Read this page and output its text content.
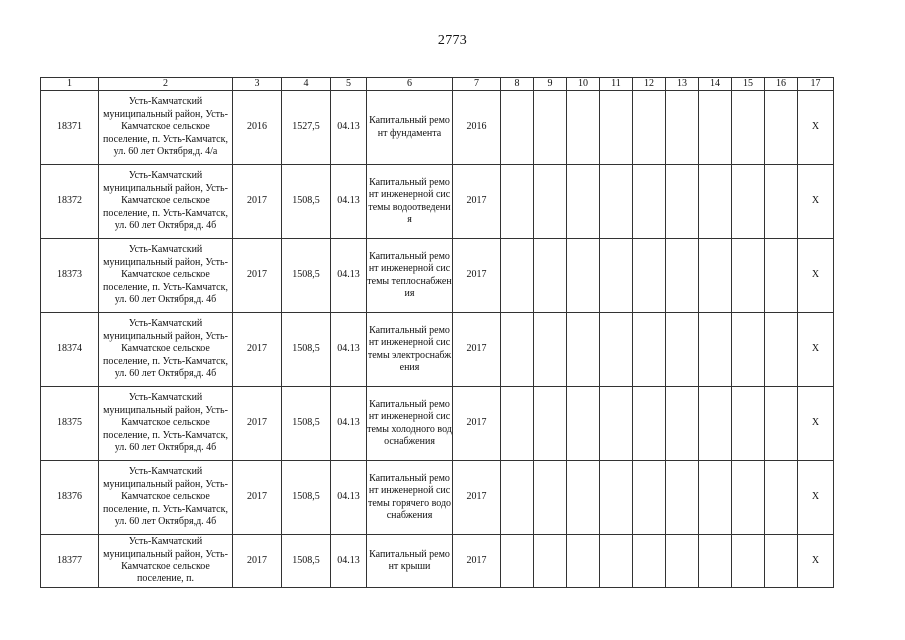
2773
1	2	3	4	5	6	7	8	9	10	11	12	13	14	15	16	17
18371	Усть-Камчатский муниципальный район, Усть-Камчатское сельское поселение, п. Усть-Камчатск, ул. 60 лет Октября,д. 4/а	2016	1527,5	04.13	Капитальный ремонт фундамента	2016										Х
18372	Усть-Камчатский муниципальный район, Усть-Камчатское сельское поселение, п. Усть-Камчатск, ул. 60 лет Октября,д. 4б	2017	1508,5	04.13	Капитальный ремонт инженерной системы водоотведения	2017										Х
18373	Усть-Камчатский муниципальный район, Усть-Камчатское сельское поселение, п. Усть-Камчатск, ул. 60 лет Октября,д. 4б	2017	1508,5	04.13	Капитальный ремонт инженерной системы теплоснабжения	2017										Х
18374	Усть-Камчатский муниципальный район, Усть-Камчатское сельское поселение, п. Усть-Камчатск, ул. 60 лет Октября,д. 4б	2017	1508,5	04.13	Капитальный ремонт инженерной системы электроснабжения	2017										Х
18375	Усть-Камчатский муниципальный район, Усть-Камчатское сельское поселение, п. Усть-Камчатск, ул. 60 лет Октября,д. 4б	2017	1508,5	04.13	Капитальный ремонт инженерной системы холодного водоснабжения	2017										Х
18376	Усть-Камчатский муниципальный район, Усть-Камчатское сельское поселение, п. Усть-Камчатск, ул. 60 лет Октября,д. 4б	2017	1508,5	04.13	Капитальный ремонт инженерной системы горячего водоснабжения	2017										Х
18377	Усть-Камчатский муниципальный район, Усть-Камчатское сельское поселение, п.	2017	1508,5	04.13	Капитальный ремонт крыши	2017										Х
